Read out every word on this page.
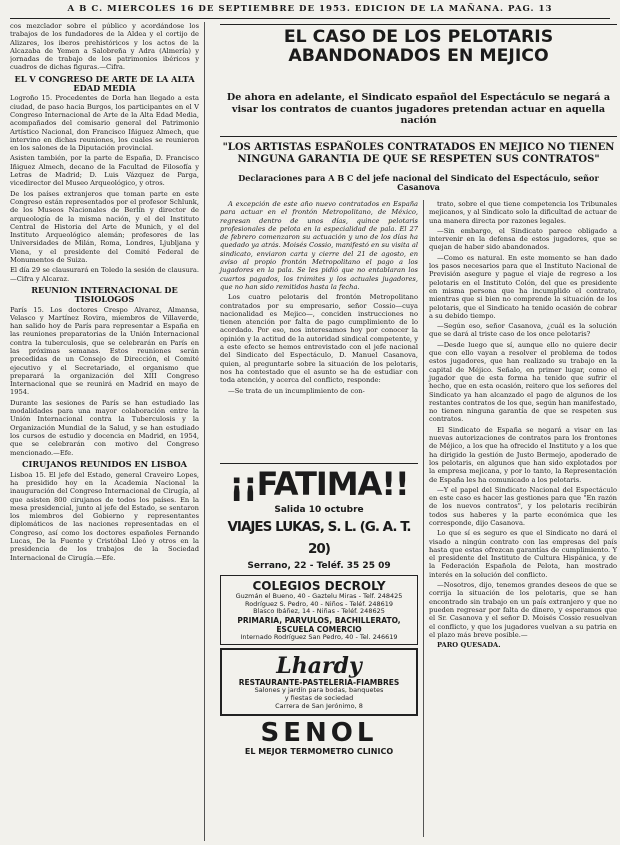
A B C. MIERCOLES 16 DE SEPTIEMBRE DE 1953. EDICION DE LA MAÑANA. PAG. 13

cos mezclador sobre el público y acordándose los trabajos de los fundadores de la Aldea y el cortijo de Alizares, los iberos prehistóricos y los actos de la Alcazaba de Yemen a Salobreña y Adra (Almería) y jornadas de trabajo de los patrimonios ibéricos y cuadros de dichas figuras.—Cifra.

EL V CONGRESO DE ARTE DE LA ALTA EDAD MEDIA

Logroño 15. Procedentes de Dorla han llegado a esta ciudad, de paso hacia Burgos, los participantes en el V Congreso Internacional de Arte de la Alta Edad Media, acompañados del comisario general del Patrimonio Artístico Nacional, don Francisco Iñiguez Almech, que intervino en dichas reuniones, los cuales se reunieron en los salones de la Diputación provincial.

Asisten también, por la parte de España, D. Francisco Iñiguez Almech, decano de la Facultad de Filosofía y Letras de Madrid; D. Luis Vázquez de Parga, vicedirector del Museo Arqueológico, y otros.

De los países extranjeros que toman parte en este Congreso están representados por el profesor Schlunk, de los Museos Nacionales de Berlín y director de arqueología de la misma nación, y el del Instituto Central de Historia del Arte de Munich, y el del Instituto Arqueológico alemán; profesores de las Universidades de Milán, Roma, Londres, Ljubljana y Viena, y el presidente del Comité Federal de Monumentos de Suiza.

El día 29 se clausurará en Toledo la sesión de clausura.—Cifra y Alcaraz.

REUNION INTERNACIONAL DE TISIOLOGOS

París 15. Los doctores Crespo Alvarez, Almansa, Velasco y Martínez Rovira, miembros de Villaverde, han salido hoy de París para representar a España en las reuniones preparatorias de la Unión Internacional contra la tuberculosis, que se celebrarán en París en las próximas semanas. Estos reuniones serán precedidas de un Consejo de Dirección, el Comité ejecutivo y el Secretariado, el organismo que preparará la organización del XIII Congreso Internacional que se reunirá en Madrid en mayo de 1954.

Durante las sesiones de París se han estudiado las modalidades para una mayor colaboración entre la Unión Internacional contra la Tuberculosis y la Organización Mundial de la Salud, y se han estudiado los cursos de estudio y docencia en Madrid, en 1954, que se celebrarán con motivo del Congreso mencionado.—Efe.

CIRUJANOS REUNIDOS EN LISBOA

Lisboa 15. El jefe del Estado, general Craveiro Lopes, ha presidido hoy en la Academia Nacional la inauguración del Congreso Internacional de Cirugía, al que asisten 800 cirujanos de todos los países. En la mesa presidencial, junto al jefe del Estado, se sentaron los miembros del Gobierno y representantes diplomáticos de las naciones representadas en el Congreso, así como los doctores españoles Fernando Lucas, De la Fuente y Cristóbal Lleó y otros en la presidencia de los trabajos de la Sociedad Internacional de Cirugía.—Efe.

EL CASO DE LOS PELOTARIS ABANDONADOS EN MEJICO
De ahora en adelante, el Sindicato español del Espectáculo se negará a visar los contratos de cuantos jugadores pretendan actuar en aquella nación
"LOS ARTISTAS ESPAÑOLES CONTRATADOS EN MEJICO NO TIENEN NINGUNA GARANTIA DE QUE SE RESPETEN SUS CONTRATOS"
Declaraciones para A B C del jefe nacional del Sindicato del Espectáculo, señor Casanova

A excepción de este año nuevo contratados en España para actuar en el frontón Metropolitano, de México, regresan dentro de unos días, quince pelotaris profesionales de pelota en la especialidad de pala. El 27 de febrero comenzaron su actuación y uno de los días ha quedado ya atrás. Moisés Cossio, manifestó en su visita al sindicato, enviaron carta y cierre del 21 de agosto, en aviso al propio frontón Metropolitano el pago a los jugadores en la pala. Se les pidió que no entablaran los cuartos pagados, los trámites y los actuales jugadores, que no han sido remitidos hasta la fecha.

Los cuatro pelotaris del frontón Metropolitano contratados por su empresario, señor Cossio—cuya nacionalidad es Mejico—, conciden instrucciones no tienen atención por falta de pago cumplimiento de lo acordado. Por eso, nos interesamos hoy por conocer la opinión y la actitud de la autoridad sindical competente, y a este efecto se hemos entrevistado con el jefe nacional del Sindicato del Espectáculo, D. Manuel Casanova, quien, al preguntarle sobre la situación de los pelotaris, nos ha contestado que el asunto se ha de estudiar con toda atención, y acerca del conflicto, responde:

—Se trata de un incumplimiento de con-

trato, sobre el que tiene competencia los Tribunales mejicanos, y al Sindicato solo la dificultad de actuar de una manera directa por razones legales.

—Sin embargo, el Sindicato parece obligado a intervenir en la defensa de estos jugadores, que se quejan de haber sido abandonados.

—Como es natural. En este momento se han dado los pasos necesarios para que el Instituto Nacional de Previsión asegure y pague el viaje de regreso a los pelotaris en el Instituto Colón, del que es presidente en misma persona que ha incumplido el contrato, mientras que si bien no comprende la situación de los pelotaris, que el Sindicato ha tenido ocasión de cobrar a su debido tiempo.

—Según eso, señor Casanova, ¿cuál es la solución que se dará al triste caso de los once pelotaris?

—Desde luego que sí, aunque ello no quiere decir que con ello vayan a resolver el problema de todos estos jugadores, que han realizado su trabajo en la capital de Méjico. Señalo, en primer lugar, como el jugador que de esta forma ha tenido que sufrir el hecho, que en esta ocasión, reitero que los señores del Sindicato ya han alcanzado el pago de algunos de los restantes contratos de los que, según han manifestado, no tienen ninguna garantía de que se respeten sus contratos.

El Sindicato de España se negará a visar en las nuevas autorizaciones de contratos para los frontones de Méjico, a los que ha ofrecido el Instituto y a los que ha dirigido la gestión de Justo Bermejo, apoderado de los pelotaris, en algunos que han sido explotados por la empresa mejicana, y por lo tanto, la Representación de España les ha comunicado a los pelotaris.

—Y el papel del Sindicato Nacional del Espectáculo en este caso es hacer las gestiones para que "En razón de los nuevos contratos", y los pelotaris recibirán todos sus haberes y la parte económica que les corresponde, dijo Casanova.

Lo que sí es seguro es que el Sindicato no dará el visado a ningún contrato con las empresas del país hasta que estas ofrezcan garantías de cumplimiento. Y el presidente del Instituto de Cultura Hispánica, y de la Federación Española de Pelota, han mostrado interés en la solución del conflicto.

—Nosotros, dijo, tenemos grandes deseos de que se corrija la situación de los pelotaris, que se han encontrado sin trabajo en un país extranjero y que no pueden regresar por falta de dinero, y esperamos que el Sr. Casanova y el señor D. Moisés Cossio resuelvan el conflicto, y que los jugadores vuelvan a su patria en el plazo más breve posible.—

PARO QUESADA.

¡¡FATIMA!!
Salida 10 octubre
VIAJES LUKAS, S. L. (G. A. T. 20)
Serrano, 22 - Teléf. 35 25 09
COLEGIOS DECROLY
Guzmán el Bueno, 40 - Gaztelu Miras - Telf. 248425
Rodríguez S. Pedro, 40 - Niños - Teléf. 248619
Blasco Ibáñez, 14 - Niñas - Teléf. 248625
PRIMARIA, PARVULOS, BACHILLERATO, ESCUELA COMERCIO
Internado Rodríguez San Pedro, 40 - Tel. 246619
Lhardy
RESTAURANTE-PASTELERIA-FIAMBRES
Salones y jardín para bodas, banquetes
y fiestas de sociedad
Carrera de San Jerónimo, 8
SENOL
EL MEJOR TERMOMETRO CLINICO
